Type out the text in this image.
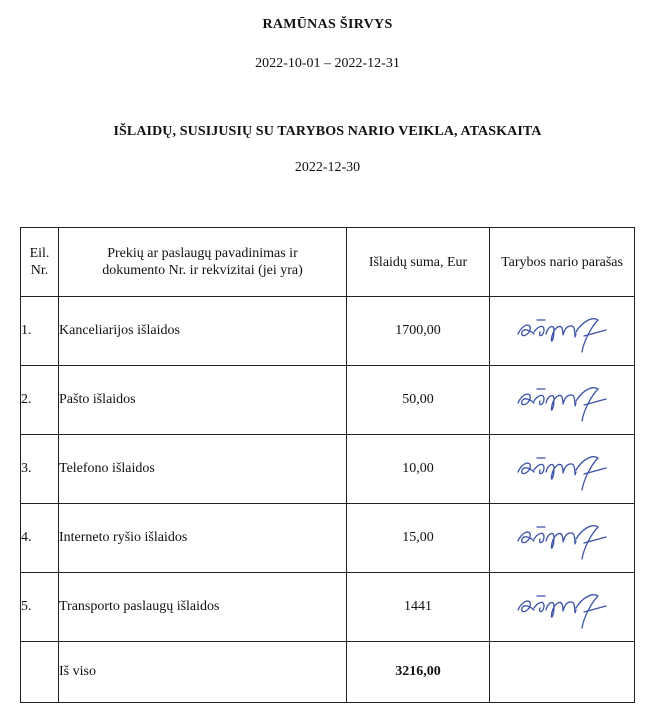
RAMŪNAS ŠIRVYS
2022-10-01 – 2022-12-31
IŠLAIDŲ, SUSIJUSIŲ SU TARYBOS NARIO VEIKLA, ATASKAITA
2022-12-30
Eil. Nr.	Prekių ar paslaugų pavadinimas ir dokumento Nr. ir rekvizitai (jei yra)	Išlaidų suma, Eur	Tarybos nario parašas
1.	Kanceliarijos išlaidos	1700,00	

2.	Pašto išlaidos	50,00	

3.	Telefono išlaidos	10,00	

4.	Interneto ryšio išlaidos	15,00	

5.	Transporto paslaugų išlaidos	1441	

	Iš viso	3216,00	
